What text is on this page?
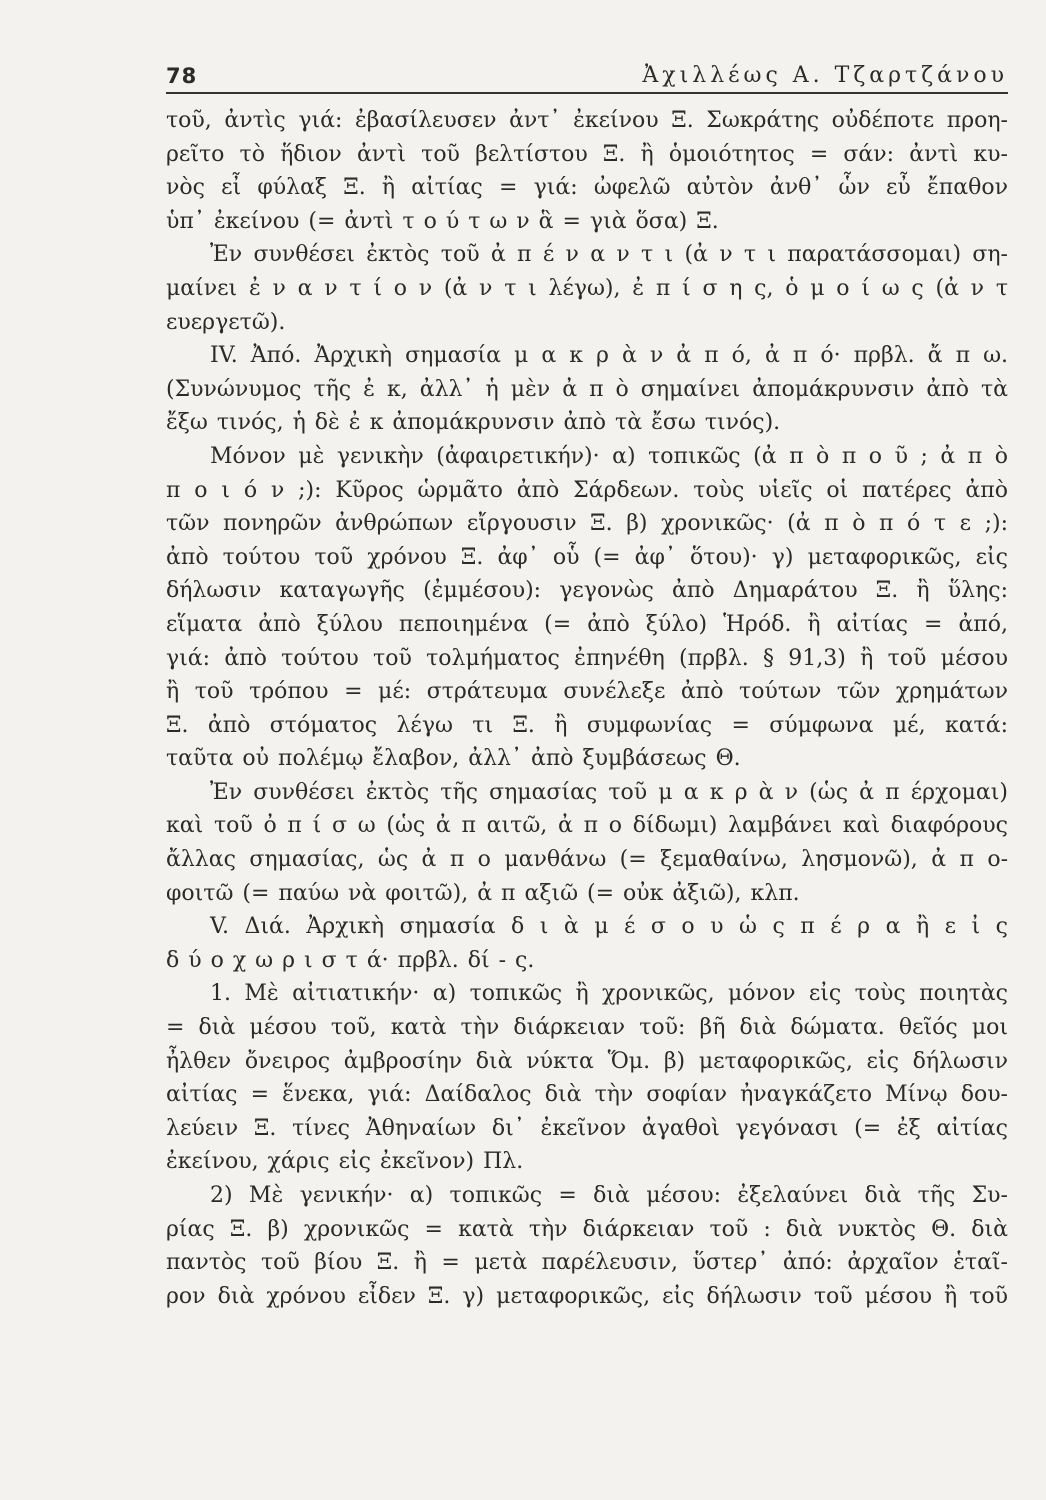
78	Ἀχιλλέως Α. Τζαρτζάνου

τοῦ, ἀντὶς γιά: ἐβασίλευσεν ἀντ᾽ ἐκείνου Ξ. Σωκράτης οὐδέποτε προη-

ρεῖτο τὸ ἥδιον ἀντὶ τοῦ βελτίστου Ξ. ἢ ὁμοιότητος = σάν: ἀντὶ κυ-

νὸς εἶ φύλαξ Ξ. ἢ αἰτίας = γιά: ὠφελῶ αὐτὸν ἀνθ᾽ ὧν εὖ ἔπαθον

ὑπ᾽ ἐκείνου (= ἀντὶ τ ο ύ τ ω ν ἃ = γιὰ ὅσα) Ξ.

Ἐν συνθέσει ἐκτὸς τοῦ ἀ π έ ν α ν τ ι (ἀ ν τ ι παρατάσσομαι) ση-

μαίνει ἐ ν α ν τ ί ο ν (ἀ ν τ ι λέγω), ἐ π ί σ η ς, ὁ μ ο ί ω ς (ἀ ν τ ευεργετῶ).

IV. Ἀπό. Ἀρχικὴ σημασία μ α κ ρ ὰ ν ἀ π ό, ἀ π ό· πρβλ. ἄ π ω.

(Συνώνυμος τῆς ἐ κ, ἀλλ᾽ ἡ μὲν ἀ π ὸ σημαίνει ἀπομάκρυνσιν ἀπὸ τὰ

ἔξω τινός, ἡ δὲ ἐ κ ἀπομάκρυνσιν ἀπὸ τὰ ἔσω τινός).

Μόνον μὲ γενικὴν (ἀφαιρετικήν)· α) τοπικῶς (ἀ π ὸ π ο ῦ ; ἀ π ὸ

π ο ι ό ν ;): Κῦρος ὡρμᾶτο ἀπὸ Σάρδεων. τοὺς υἱεῖς οἱ πατέρες ἀπὸ

τῶν πονηρῶν ἀνθρώπων εἴργουσιν Ξ. β) χρονικῶς· (ἀ π ὸ π ό τ ε ;):

ἀπὸ τούτου τοῦ χρόνου Ξ. ἀφ᾽ οὗ (= ἀφ᾽ ὅτου)· γ) μεταφορικῶς, εἰς

δήλωσιν καταγωγῆς (ἐμμέσου): γεγονὼς ἀπὸ Δημαράτου Ξ. ἢ ὕλης:

εἵματα ἀπὸ ξύλου πεποιημένα (= ἀπὸ ξύλο) Ἡρόδ. ἢ αἰτίας = ἀπό,

γιά: ἀπὸ τούτου τοῦ τολμήματος ἐπηνέθη (πρβλ. § 91,3) ἢ τοῦ μέσου

ἢ τοῦ τρόπου = μέ: στράτευμα συνέλεξε ἀπὸ τούτων τῶν χρημάτων

Ξ. ἀπὸ στόματος λέγω τι Ξ. ἢ συμφωνίας = σύμφωνα μέ, κατά:

ταῦτα οὐ πολέμῳ ἔλαβον, ἀλλ᾽ ἀπὸ ξυμβάσεως Θ.

Ἐν συνθέσει ἐκτὸς τῆς σημασίας τοῦ μ α κ ρ ὰ ν (ὡς ἀ π έρχομαι)

καὶ τοῦ ὀ π ί σ ω (ὡς ἀ π αιτῶ, ἀ π ο δίδωμι) λαμβάνει καὶ διαφόρους

ἄλλας σημασίας, ὡς ἀ π ο μανθάνω (= ξεμαθαίνω, λησμονῶ), ἀ π ο-

φοιτῶ (= παύω νὰ φοιτῶ), ἀ π αξιῶ (= οὐκ ἀξιῶ), κλπ.

V. Διά. Ἀρχικὴ σημασία δ ι ὰ μ έ σ ο υ ὡ ς π έ ρ α ἢ ε ἰ ς

δ ύ ο χ ω ρ ι σ τ ά· πρβλ. δί - ς.

1. Μὲ αἰτιατικήν· α) τοπικῶς ἢ χρονικῶς, μόνον εἰς τοὺς ποιητὰς

= διὰ μέσου τοῦ, κατὰ τὴν διάρκειαν τοῦ: βῆ διὰ δώματα. θεῖός μοι

ἦλθεν ὄνειρος ἀμβροσίην διὰ νύκτα Ὅμ. β) μεταφορικῶς, εἰς δήλωσιν

αἰτίας = ἕνεκα, γιά: Δαίδαλος διὰ τὴν σοφίαν ἠναγκάζετο Μίνῳ δου-

λεύειν Ξ. τίνες Ἀθηναίων δι᾽ ἐκεῖνον ἀγαθοὶ γεγόνασι (= ἐξ αἰτίας

ἐκείνου, χάρις εἰς ἐκεῖνον) Πλ.

2) Μὲ γενικήν· α) τοπικῶς = διὰ μέσου: ἐξελαύνει διὰ τῆς Συ-

ρίας Ξ. β) χρονικῶς = κατὰ τὴν διάρκειαν τοῦ : διὰ νυκτὸς Θ. διὰ

παντὸς τοῦ βίου Ξ. ἢ = μετὰ παρέλευσιν, ὕστερ᾽ ἀπό: ἀρχαῖον ἑταῖ-

ρον διὰ χρόνου εἶδεν Ξ. γ) μεταφορικῶς, εἰς δήλωσιν τοῦ μέσου ἢ τοῦ
